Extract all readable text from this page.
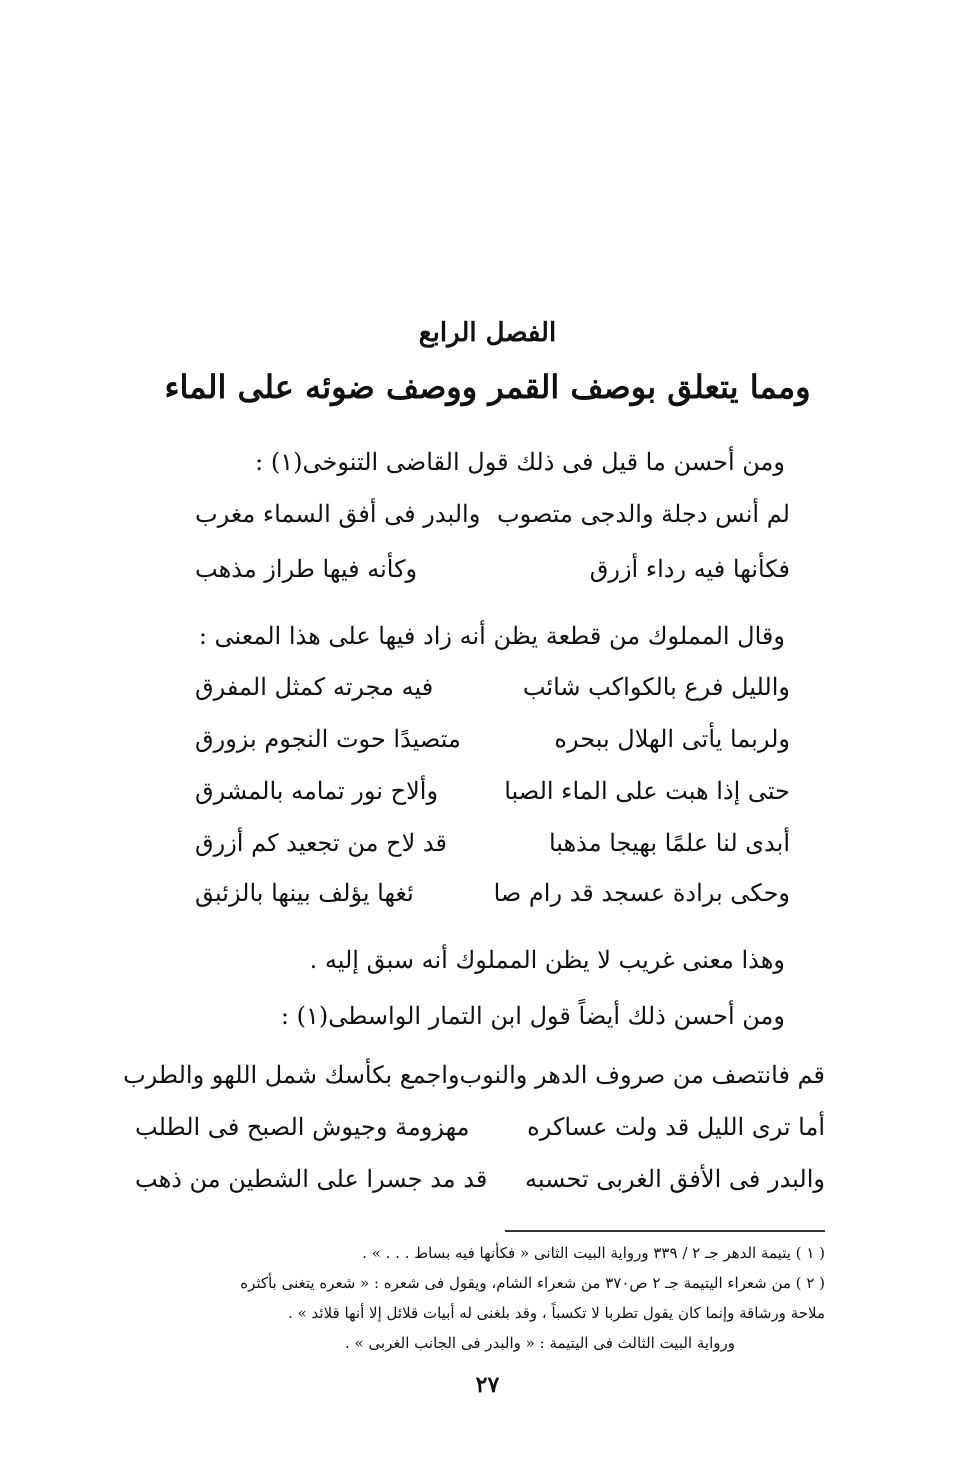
الفصل الرابع
ومما يتعلق بوصف القمر ووصف ضوئه على الماء
ومن أحسن ما قيل فى ذلك قول القاضى التنوخى(١) :
لم أنس دجلة والدجى متصوب
والبدر فى أفق السماء مغرب
فكأنها فيه رداء أزرق
وكأنه فيها طراز مذهب
وقال المملوك من قطعة يظن أنه زاد فيها على هذا المعنى :
والليل فرع بالكواكب شائب
فيه مجرته كمثل المفرق
ولربما يأتى الهلال ببحره
متصيدًا حوت النجوم بزورق
حتى إذا هبت على الماء الصبا
وألاح نور تمامه بالمشرق
أبدى لنا علمًا بهيجا مذهبا
قد لاح من تجعيد كم أزرق
وحكى برادة عسجد قد رام صا
ئغها يؤلف بينها بالزئبق
وهذا معنى غريب لا يظن المملوك أنه سبق إليه .
ومن أحسن ذلك أيضاً قول ابن التمار الواسطى(١) :
قم فانتصف من صروف الدهر والنوب
واجمع بكأسك شمل اللهو والطرب
أما ترى الليل قد ولت عساكره
مهزومة وجيوش الصبح فى الطلب
والبدر فى الأفق الغربى تحسبه
قد مد جسرا على الشطين من ذهب
( ١ ) يتيمة الدهر جـ ٢ / ٣٣٩ ورواية البيت الثانى « فكأنها فيه بساط . . . » .
( ٢ ) من شعراء اليتيمة جـ ٢ ص٣٧٠ من شعراء الشام، ويقول فى شعره : « شعره يتغنى بأكثره
ملاحة ورشاقة وإنما كان يقول تطربا لا تكسباً ، وقد بلغنى له أبيات قلائل إلا أنها قلائد » .
ورواية البيت الثالث فى اليتيمة : « والبدر فى الجانب الغربى » .
٢٧
